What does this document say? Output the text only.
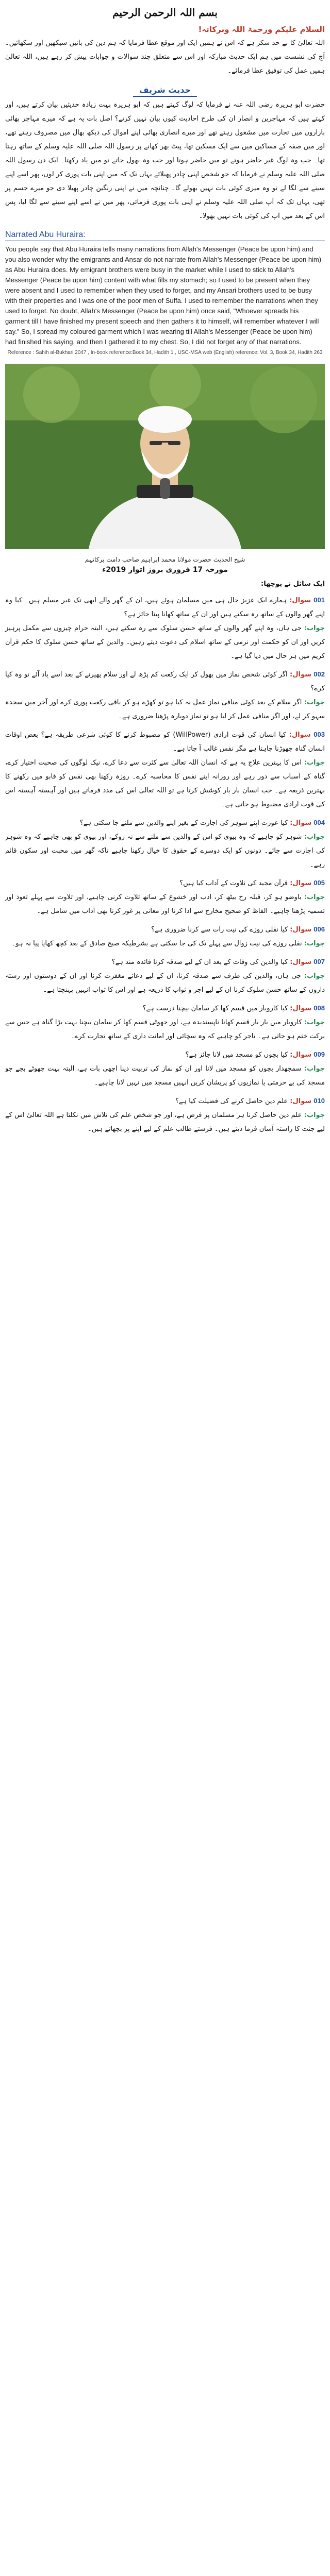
بسم اللہ الرحمن الرحیم
السلام علیکم ورحمۃ اللہ وبرکاتہ!

اللہ تعالیٰ کا بے حد شکر ہے کہ اس نے ہمیں ایک اور موقع عطا فرمایا کہ ہم دین کی باتیں سیکھیں اور سکھائیں۔ آج کی نشست میں ہم ایک حدیث مبارکہ اور اس سے متعلق چند سوالات و جوابات پیش کر رہے ہیں، اللہ تعالیٰ ہمیں عمل کی توفیق عطا فرمائے۔

حدیث شریف

حضرت ابو ہریرہ رضی اللہ عنہ نے فرمایا کہ لوگ کہتے ہیں کہ ابو ہریرہ بہت زیادہ حدیثیں بیان کرتے ہیں، اور کہتے ہیں کہ مہاجرین و انصار ان کی طرح احادیث کیوں بیان نہیں کرتے؟ اصل بات یہ ہے کہ میرے مہاجر بھائی بازاروں میں تجارت میں مشغول رہتے تھے اور میرے انصاری بھائی اپنے اموال کی دیکھ بھال میں مصروف رہتے تھے، اور میں صفہ کے مساکین میں سے ایک مسکین تھا، پیٹ بھر کھانے پر رسول اللہ صلی اللہ علیہ وسلم کے ساتھ رہتا تھا۔ جب وہ لوگ غیر حاضر ہوتے تو میں حاضر ہوتا اور جب وہ بھول جاتے تو میں یاد رکھتا۔ ایک دن رسول اللہ صلی اللہ علیہ وسلم نے فرمایا کہ جو شخص اپنی چادر پھیلائے یہاں تک کہ میں اپنی بات پوری کر لوں، پھر اسے اپنے سینے سے لگا لے تو وہ میری کوئی بات نہیں بھولے گا۔ چنانچہ میں نے اپنی رنگین چادر پھیلا دی جو میرے جسم پر تھی، یہاں تک کہ آپ صلی اللہ علیہ وسلم نے اپنی بات پوری فرمائی، پھر میں نے اسے اپنے سینے سے لگا لیا، پس اس کے بعد میں آپ کی کوئی بات نہیں بھولا۔

Narrated Abu Huraira:

You people say that Abu Huraira tells many narrations from Allah's Messenger (Peace be upon him) and you also wonder why the emigrants and Ansar do not narrate from Allah's Messenger (Peace be upon him) as Abu Huraira does. My emigrant brothers were busy in the market while I used to stick to Allah's Messenger (Peace be upon him) content with what fills my stomach; so I used to be present when they were absent and I used to remember when they used to forget, and my Ansari brothers used to be busy with their properties and I was one of the poor men of Suffa. I used to remember the narrations when they used to forget. No doubt, Allah's Messenger (Peace be upon him) once said, "Whoever spreads his garment till I have finished my present speech and then gathers it to himself, will remember whatever I will say." So, I spread my coloured garment which I was wearing till Allah's Messenger (Peace be upon him) had finished his saying, and then I gathered it to my chest. So, I did not forget any of that narrations.

Reference : Sahih al-Bukhari 2047 , In-book reference:Book 34, Hadith 1 , USC-MSA web (English) reference: Vol. 3, Book 34, Hadith 263
شیخ الحدیث حضرت مولانا محمد ابراہیم صاحب دامت برکاتہم
مورخہ 17 فروری بروز اتوار 2019ء
ایک سائل نے پوچھا:

001 سوال: ہمارے ایک عزیز حال ہی میں مسلمان ہوئے ہیں، ان کے گھر والے ابھی تک غیر مسلم ہیں۔ کیا وہ اپنے گھر والوں کے ساتھ رہ سکتے ہیں اور ان کے ساتھ کھانا پینا جائز ہے؟

جواب: جی ہاں، وہ اپنے گھر والوں کے ساتھ حسن سلوک سے رہ سکتے ہیں، البتہ حرام چیزوں سے مکمل پرہیز کریں اور ان کو حکمت اور نرمی کے ساتھ اسلام کی دعوت دیتے رہیں۔ والدین کے ساتھ حسن سلوک کا حکم قرآن کریم میں ہر حال میں دیا گیا ہے۔

002 سوال: اگر کوئی شخص نماز میں بھول کر ایک رکعت کم پڑھ لے اور سلام پھیرنے کے بعد اسے یاد آئے تو وہ کیا کرے؟

جواب: اگر سلام کے بعد کوئی منافی نماز عمل نہ کیا ہو تو کھڑے ہو کر باقی رکعت پوری کرے اور آخر میں سجدہ سہو کر لے، اور اگر منافی عمل کر لیا ہو تو نماز دوبارہ پڑھنا ضروری ہے۔

003 سوال: کیا انسان کی قوت ارادی (WillPower) کو مضبوط کرنے کا کوئی شرعی طریقہ ہے؟ بعض اوقات انسان گناہ چھوڑنا چاہتا ہے مگر نفس غالب آ جاتا ہے۔

جواب: اس کا بہترین علاج یہ ہے کہ انسان اللہ تعالیٰ سے کثرت سے دعا کرے، نیک لوگوں کی صحبت اختیار کرے، گناہ کے اسباب سے دور رہے اور روزانہ اپنے نفس کا محاسبہ کرے۔ روزہ رکھنا بھی نفس کو قابو میں رکھنے کا بہترین ذریعہ ہے۔ جب انسان بار بار کوشش کرتا ہے تو اللہ تعالیٰ اس کی مدد فرماتے ہیں اور آہستہ آہستہ اس کی قوت ارادی مضبوط ہو جاتی ہے۔

004 سوال: کیا عورت اپنے شوہر کی اجازت کے بغیر اپنے والدین سے ملنے جا سکتی ہے؟

جواب: شوہر کو چاہیے کہ وہ بیوی کو اس کے والدین سے ملنے سے نہ روکے، اور بیوی کو بھی چاہیے کہ وہ شوہر کی اجازت سے جائے۔ دونوں کو ایک دوسرے کے حقوق کا خیال رکھنا چاہیے تاکہ گھر میں محبت اور سکون قائم رہے۔

005 سوال: قرآن مجید کی تلاوت کے آداب کیا ہیں؟

جواب: باوضو ہو کر، قبلہ رخ بیٹھ کر، ادب اور خشوع کے ساتھ تلاوت کرنی چاہیے، اور تلاوت سے پہلے تعوذ اور تسمیہ پڑھنا چاہیے۔ الفاظ کو صحیح مخارج سے ادا کرنا اور معانی پر غور کرنا بھی آداب میں شامل ہے۔

006 سوال: کیا نفلی روزے کی نیت رات سے کرنا ضروری ہے؟

جواب: نفلی روزے کی نیت زوال سے پہلے تک کی جا سکتی ہے بشرطیکہ صبح صادق کے بعد کچھ کھایا پیا نہ ہو۔

007 سوال: کیا والدین کی وفات کے بعد ان کے لیے صدقہ کرنا فائدہ مند ہے؟

جواب: جی ہاں، والدین کی طرف سے صدقہ کرنا، ان کے لیے دعائے مغفرت کرنا اور ان کے دوستوں اور رشتہ داروں کے ساتھ حسن سلوک کرنا ان کے لیے اجر و ثواب کا ذریعہ ہے اور اس کا ثواب انہیں پہنچتا ہے۔

008 سوال: کیا کاروبار میں قسم کھا کر سامان بیچنا درست ہے؟

جواب: کاروبار میں بار بار قسم کھانا ناپسندیدہ ہے، اور جھوٹی قسم کھا کر سامان بیچنا بہت بڑا گناہ ہے جس سے برکت ختم ہو جاتی ہے۔ تاجر کو چاہیے کہ وہ سچائی اور امانت داری کے ساتھ تجارت کرے۔

009 سوال: کیا بچوں کو مسجد میں لانا جائز ہے؟

جواب: سمجھدار بچوں کو مسجد میں لانا اور ان کو نماز کی تربیت دینا اچھی بات ہے، البتہ بہت چھوٹے بچے جو مسجد کی بے حرمتی یا نمازیوں کو پریشان کریں انہیں مسجد میں نہیں لانا چاہیے۔

010 سوال: علم دین حاصل کرنے کی فضیلت کیا ہے؟

جواب: علم دین حاصل کرنا ہر مسلمان پر فرض ہے، اور جو شخص علم کی تلاش میں نکلتا ہے اللہ تعالیٰ اس کے لیے جنت کا راستہ آسان فرما دیتے ہیں۔ فرشتے طالب علم کے لیے اپنے پر بچھاتے ہیں۔
